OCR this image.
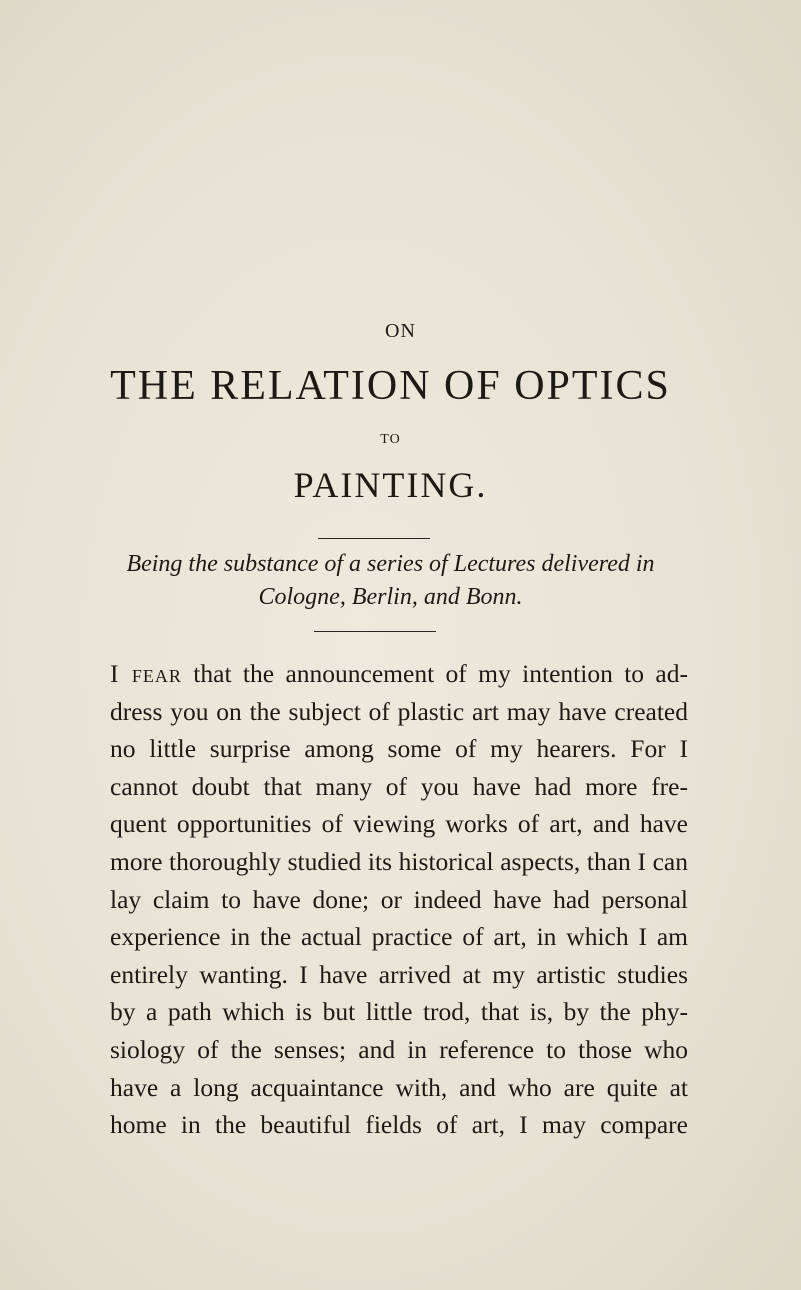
ON
THE RELATION OF OPTICS
TO
PAINTING.
Being the substance of a series of Lectures delivered in
Cologne, Berlin, and Bonn.
I fear that the announcement of my intention to ad-
dress you on the subject of plastic art may have created
no little surprise among some of my hearers. For I
cannot doubt that many of you have had more fre-
quent opportunities of viewing works of art, and have
more thoroughly studied its historical aspects, than I can
lay claim to have done; or indeed have had personal
experience in the actual practice of art, in which I am
entirely wanting. I have arrived at my artistic studies
by a path which is but little trod, that is, by the phy-
siology of the senses; and in reference to those who
have a long acquaintance with, and who are quite at
home in the beautiful fields of art, I may compare
